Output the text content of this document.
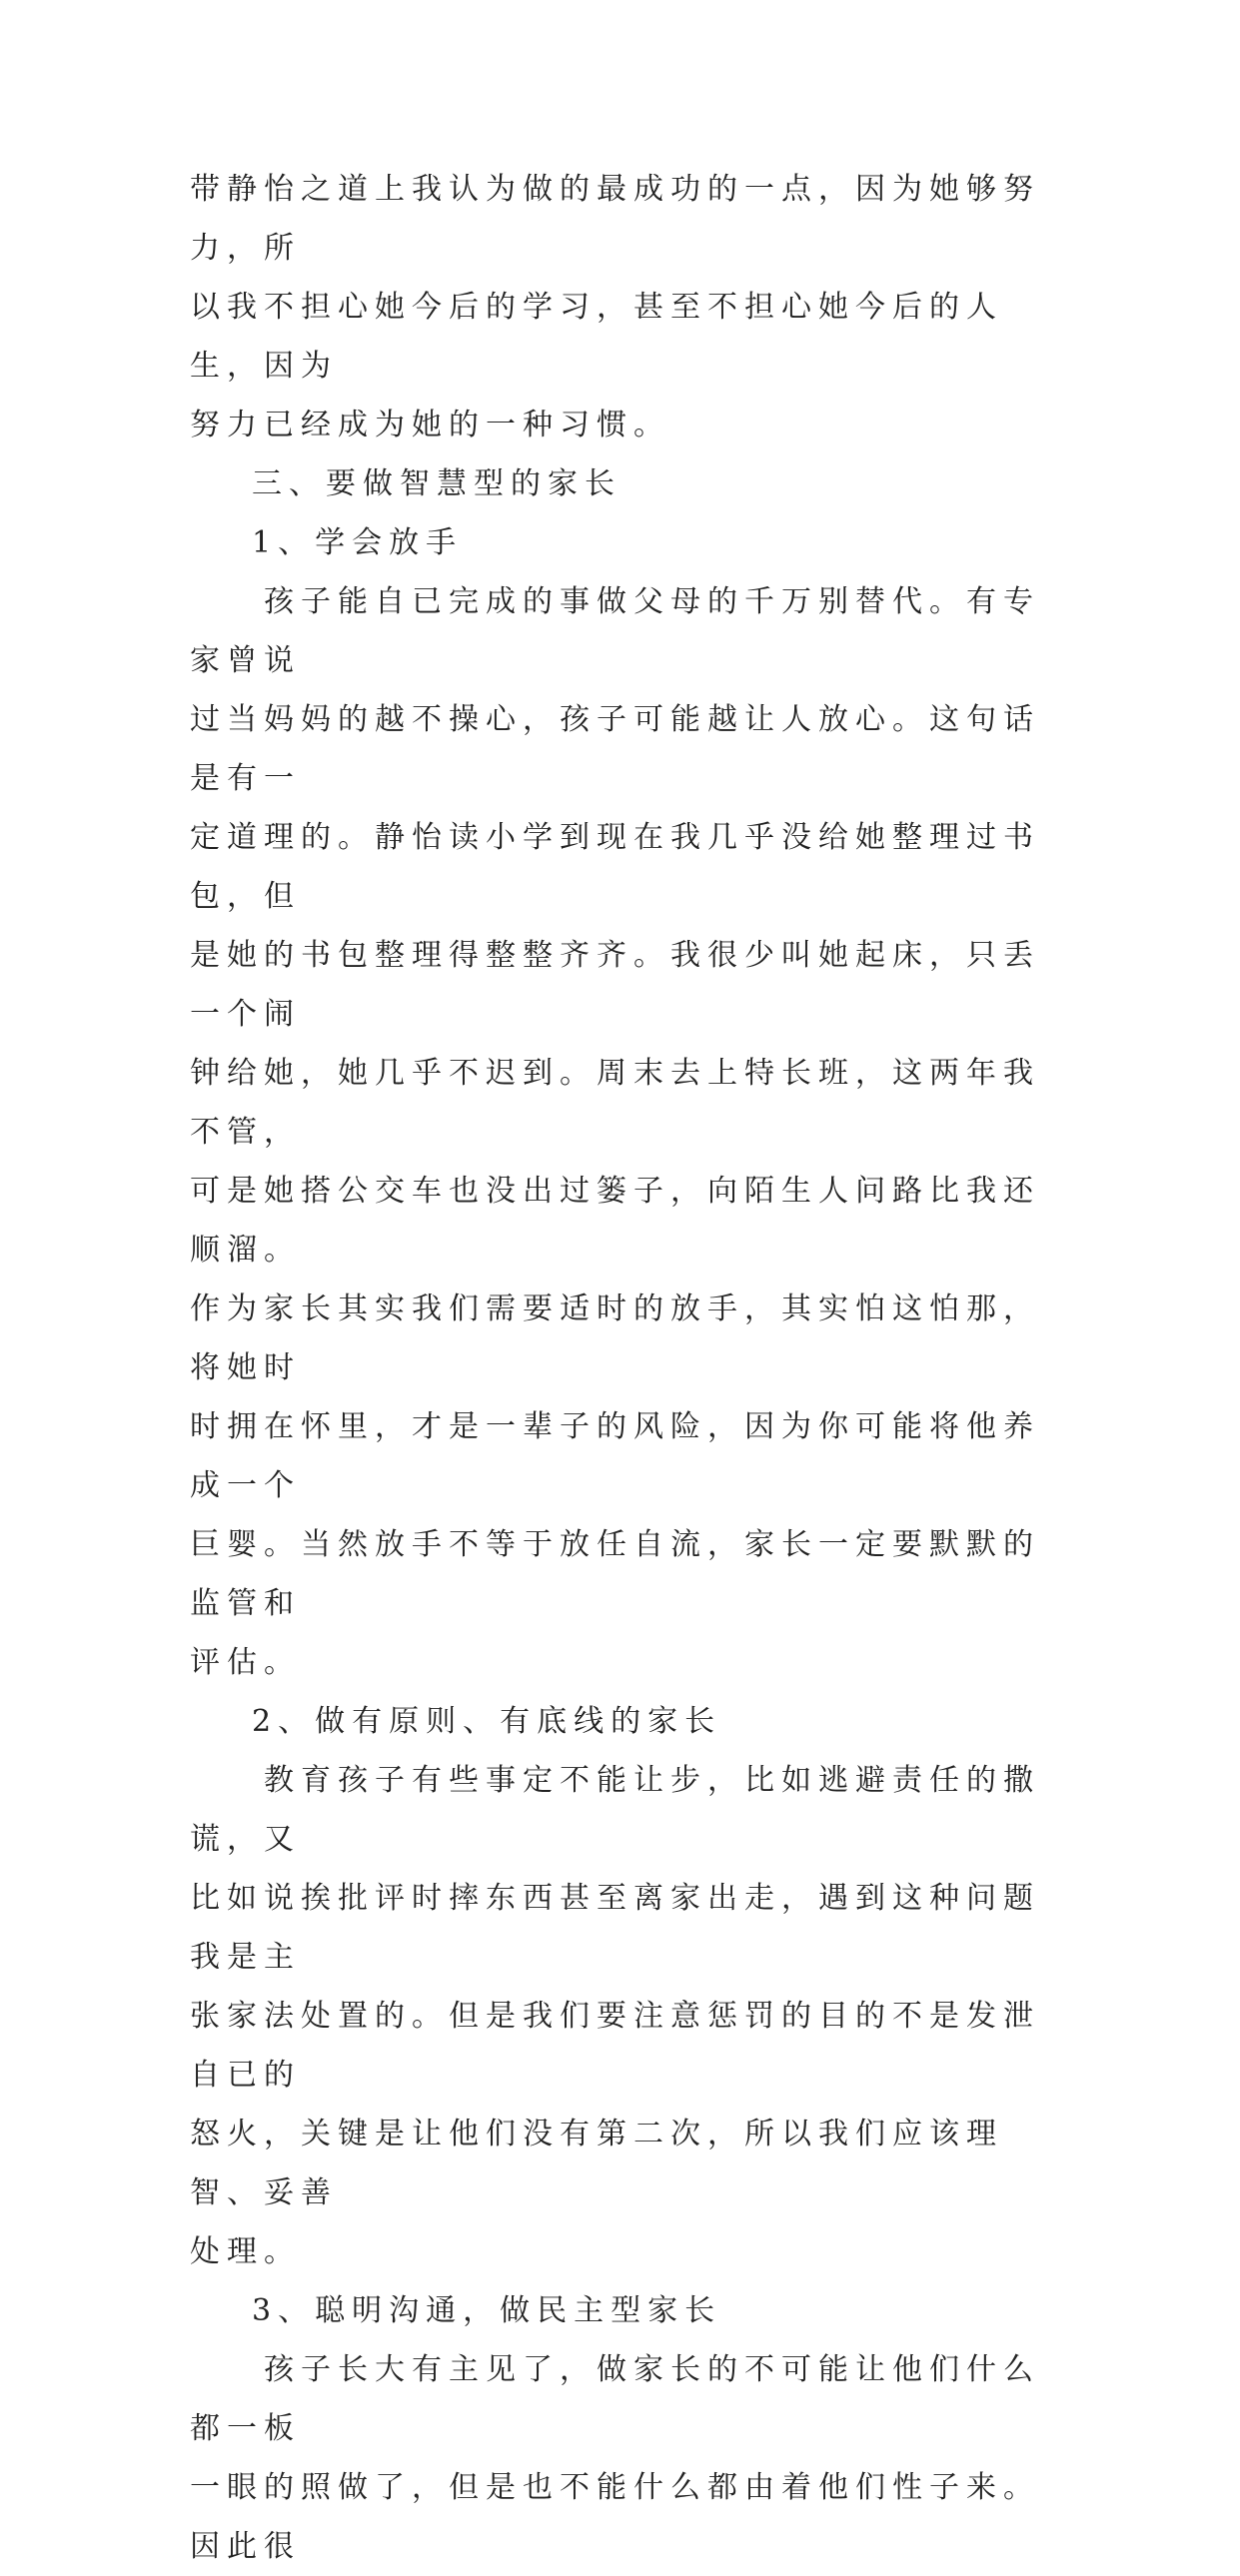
带静怡之道上我认为做的最成功的一点，因为她够努力，所
以我不担心她今后的学习，甚至不担心她今后的人生，因为
努力已经成为她的一种习惯。

三、要做智慧型的家长

1、学会放手

　　孩子能自已完成的事做父母的千万别替代。有专家曾说
过当妈妈的越不操心，孩子可能越让人放心。这句话是有一
定道理的。静怡读小学到现在我几乎没给她整理过书包，但
是她的书包整理得整整齐齐。我很少叫她起床，只丢一个闹
钟给她，她几乎不迟到。周末去上特长班，这两年我不管，
可是她搭公交车也没出过篓子，向陌生人问路比我还顺溜。
作为家长其实我们需要适时的放手，其实怕这怕那，将她时
时拥在怀里，才是一辈子的风险，因为你可能将他养成一个
巨婴。当然放手不等于放任自流，家长一定要默默的监管和
评估。

2、做有原则、有底线的家长

　　教育孩子有些事定不能让步，比如逃避责任的撒谎，又
比如说挨批评时摔东西甚至离家出走，遇到这种问题我是主
张家法处置的。但是我们要注意惩罚的目的不是发泄自已的
怒火，关键是让他们没有第二次，所以我们应该理智、妥善
处理。

3、聪明沟通，做民主型家长

　　孩子长大有主见了，做家长的不可能让他们什么都一板
一眼的照做了，但是也不能什么都由着他们性子来。因此很
